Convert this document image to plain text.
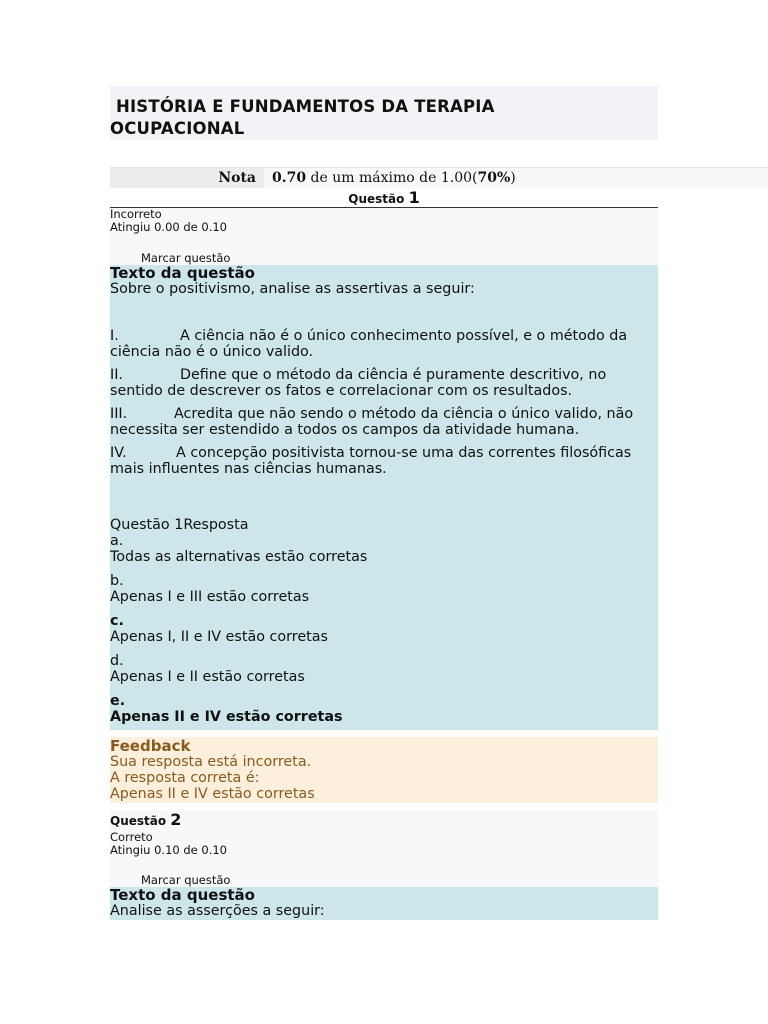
HISTÓRIA E FUNDAMENTOS DA TERAPIA
OCUPACIONAL
Nota	0.70 de um máximo de 1.00(70%)
Questão 1
Incorreto
Atingiu 0.00 de 0.10
Marcar questão
Texto da questão
Sobre o positivismo, analise as assertivas a seguir:
I.	A ciência não é o único conhecimento possível, e o método da ciência não é o único valido.
II.	Define que o método da ciência é puramente descritivo, no sentido de descrever os fatos e correlacionar com os resultados.
III.	Acredita que não sendo o método da ciência o único valido, não necessita ser estendido a todos os campos da atividade humana.
IV.	A concepção positivista tornou-se uma das correntes filosóficas mais influentes nas ciências humanas.
Questão 1Resposta
a.
Todas as alternativas estão corretas
b.
Apenas I e III estão corretas
c.
Apenas I, II e IV estão corretas
d.
Apenas I e II estão corretas
e.
Apenas II e IV estão corretas
Feedback
Sua resposta está incorreta.
A resposta correta é:
Apenas II e IV estão corretas
Questão 2
Correto
Atingiu 0.10 de 0.10
Marcar questão
Texto da questão
Analise as asserções a seguir:
